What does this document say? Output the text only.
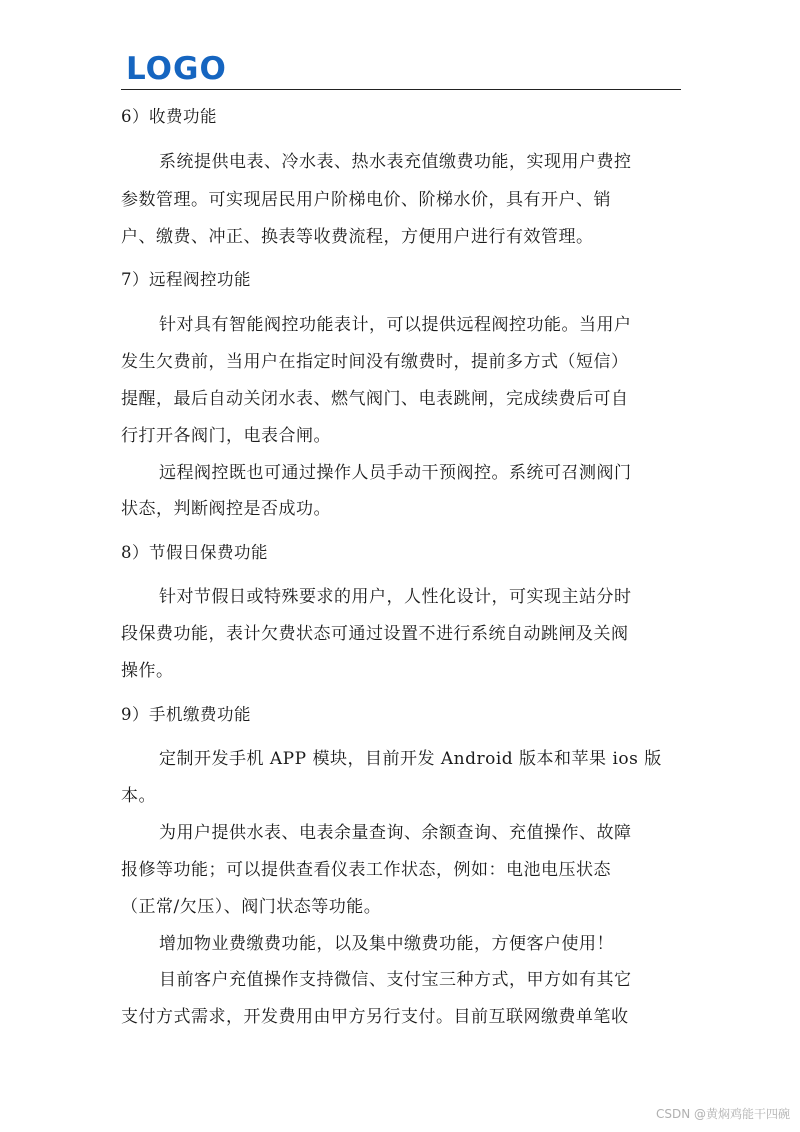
LOGO
6）收费功能
系统提供电表、冷水表、热水表充值缴费功能，实现用户费控
参数管理。可实现居民用户阶梯电价、阶梯水价，具有开户、销
户、缴费、冲正、换表等收费流程，方便用户进行有效管理。
7）远程阀控功能
针对具有智能阀控功能表计，可以提供远程阀控功能。当用户
发生欠费前，当用户在指定时间没有缴费时，提前多方式（短信）
提醒，最后自动关闭水表、燃气阀门、电表跳闸，完成续费后可自
行打开各阀门，电表合闸。
远程阀控既也可通过操作人员手动干预阀控。系统可召测阀门
状态，判断阀控是否成功。
8）节假日保费功能
针对节假日或特殊要求的用户，人性化设计，可实现主站分时
段保费功能，表计欠费状态可通过设置不进行系统自动跳闸及关阀
操作。
9）手机缴费功能
定制开发手机 APP 模块，目前开发 Android 版本和苹果 ios 版
本。
为用户提供水表、电表余量查询、余额查询、充值操作、故障
报修等功能；可以提供查看仪表工作状态，例如：电池电压状态
（正常/欠压）、阀门状态等功能。
增加物业费缴费功能，以及集中缴费功能，方便客户使用！
目前客户充值操作支持微信、支付宝三种方式，甲方如有其它
支付方式需求，开发费用由甲方另行支付。目前互联网缴费单笔收
CSDN @黄焖鸡能干四碗
